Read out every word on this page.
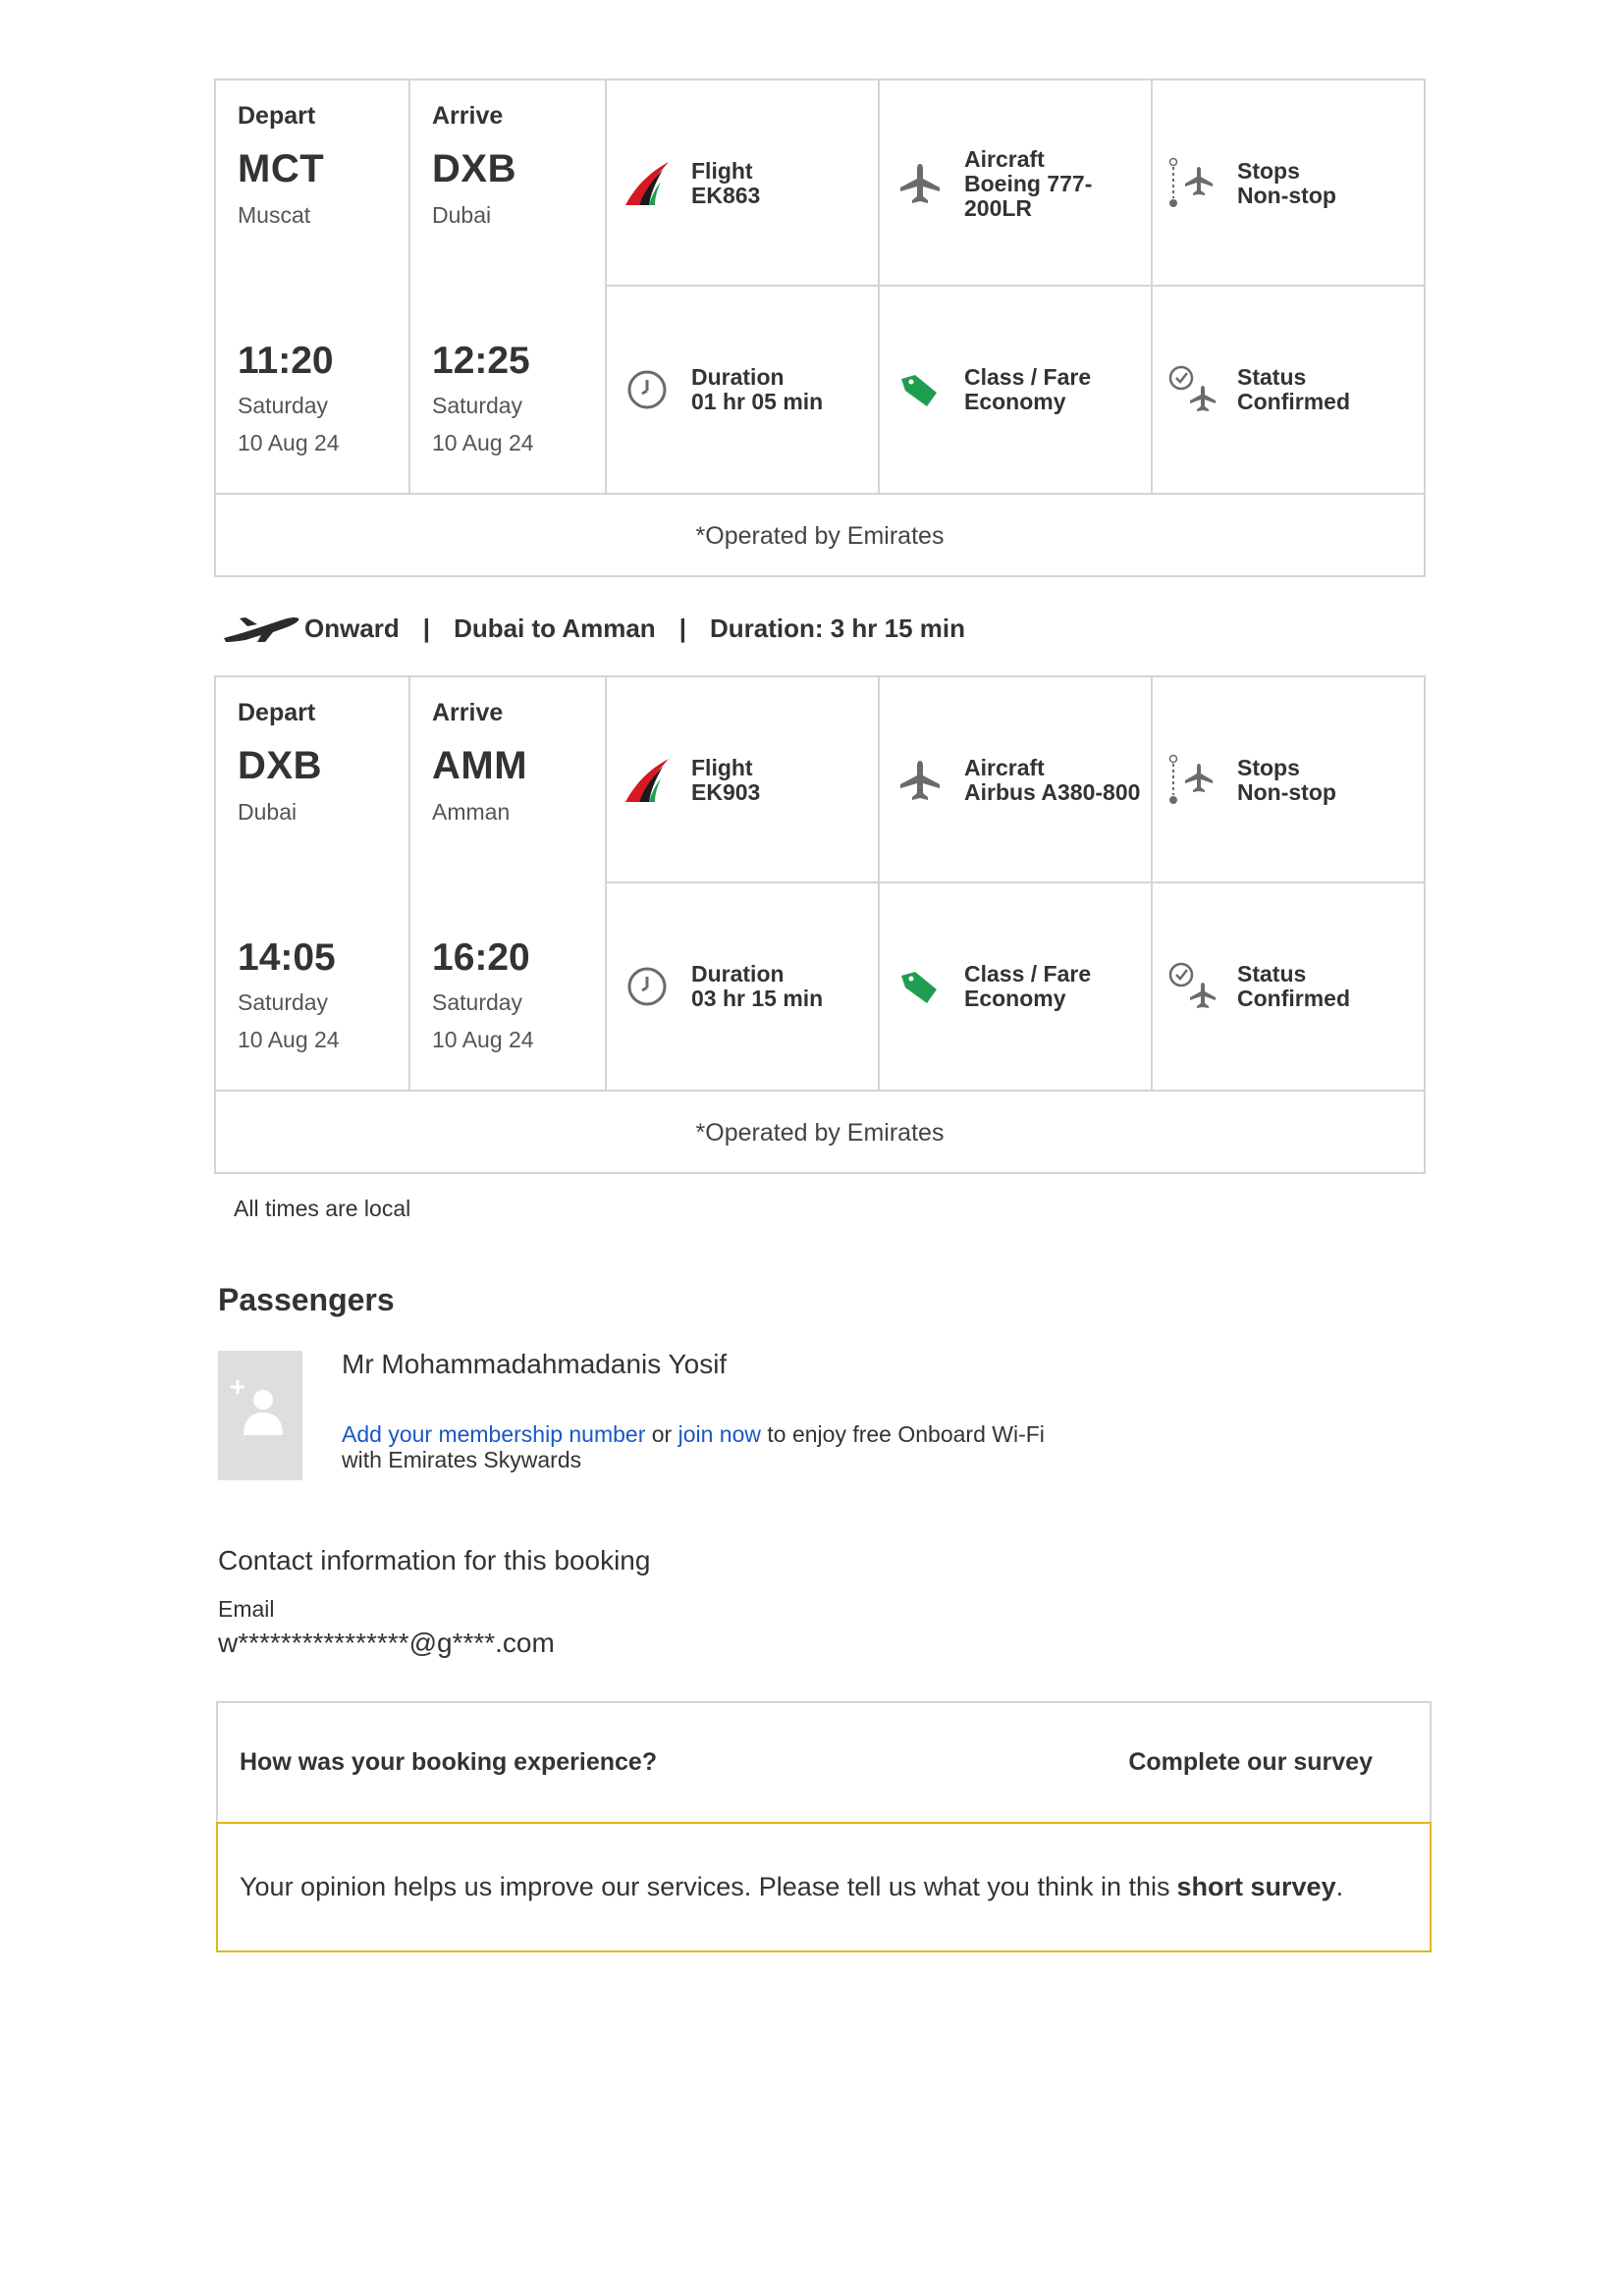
Depart
MCT
Muscat
11:20
Saturday
10 Aug 24
Arrive
DXB
Dubai
12:25
Saturday
10 Aug 24
Flight
EK863
Aircraft
Boeing 777-
200LR
Stops
Non-stop
Duration
01 hr 05 min
Class / Fare
Economy
Status
Confirmed
*Operated by Emirates
Onward | Dubai to Amman | Duration: 3 hr 15 min
Depart
DXB
Dubai
14:05
Saturday
10 Aug 24
Arrive
AMM
Amman
16:20
Saturday
10 Aug 24
Flight
EK903
Aircraft
Airbus A380-800
Stops
Non-stop
Duration
03 hr 15 min
Class / Fare
Economy
Status
Confirmed
*Operated by Emirates
All times are local
Passengers
Mr Mohammadahmadanis Yosif
Add your membership number or join now to enjoy free Onboard Wi-Fi
with Emirates Skywards
Contact information for this booking
Email
w****************@g****.com
How was your booking experience?	Complete our survey
Your opinion helps us improve our services. Please tell us what you think in this short survey .
